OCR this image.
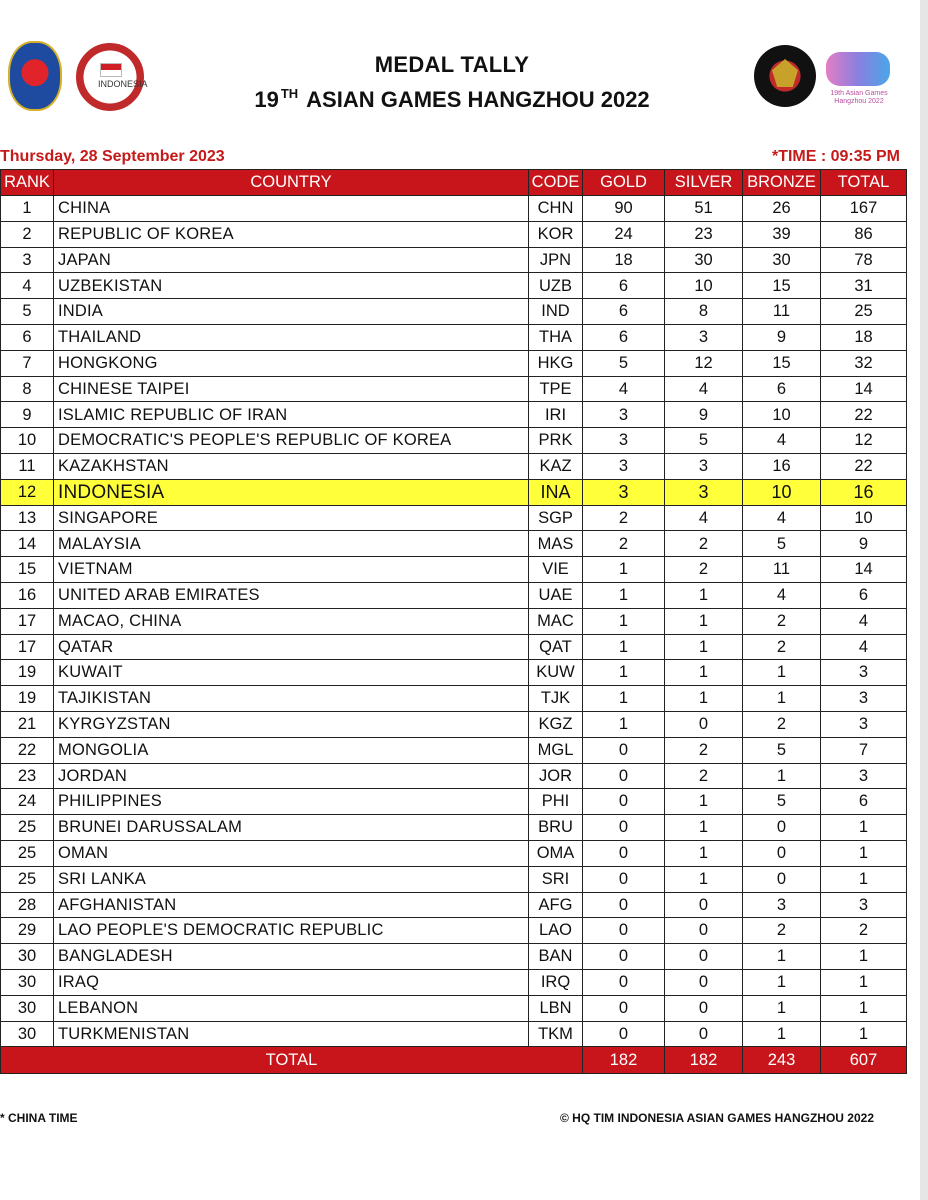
INDONESIA
19th Asian Games Hangzhou 2022
MEDAL TALLY
19 $^{TH}$ ASIAN GAMES HANGZHOU 2022
Thursday, 28 September 2023	*TIME : 09:35 PM
RANK	COUNTRY	CODE	GOLD	SILVER	BRONZE	TOTAL
1	CHINA	CHN	90	51	26	167
2	REPUBLIC OF KOREA	KOR	24	23	39	86
3	JAPAN	JPN	18	30	30	78
4	UZBEKISTAN	UZB	6	10	15	31
5	INDIA	IND	6	8	11	25
6	THAILAND	THA	6	3	9	18
7	HONGKONG	HKG	5	12	15	32
8	CHINESE TAIPEI	TPE	4	4	6	14
9	ISLAMIC REPUBLIC OF IRAN	IRI	3	9	10	22
10	DEMOCRATIC'S PEOPLE'S REPUBLIC OF KOREA	PRK	3	5	4	12
11	KAZAKHSTAN	KAZ	3	3	16	22
12	INDONESIA	INA	3	3	10	16
13	SINGAPORE	SGP	2	4	4	10
14	MALAYSIA	MAS	2	2	5	9
15	VIETNAM	VIE	1	2	11	14
16	UNITED ARAB EMIRATES	UAE	1	1	4	6
17	MACAO, CHINA	MAC	1	1	2	4
17	QATAR	QAT	1	1	2	4
19	KUWAIT	KUW	1	1	1	3
19	TAJIKISTAN	TJK	1	1	1	3
21	KYRGYZSTAN	KGZ	1	0	2	3
22	MONGOLIA	MGL	0	2	5	7
23	JORDAN	JOR	0	2	1	3
24	PHILIPPINES	PHI	0	1	5	6
25	BRUNEI DARUSSALAM	BRU	0	1	0	1
25	OMAN	OMA	0	1	0	1
25	SRI LANKA	SRI	0	1	0	1
28	AFGHANISTAN	AFG	0	0	3	3
29	LAO PEOPLE'S DEMOCRATIC REPUBLIC	LAO	0	0	2	2
30	BANGLADESH	BAN	0	0	1	1
30	IRAQ	IRQ	0	0	1	1
30	LEBANON	LBN	0	0	1	1
30	TURKMENISTAN	TKM	0	0	1	1
TOTAL			182	182	243	607
* CHINA TIME	© HQ TIM INDONESIA ASIAN GAMES HANGZHOU 2022
